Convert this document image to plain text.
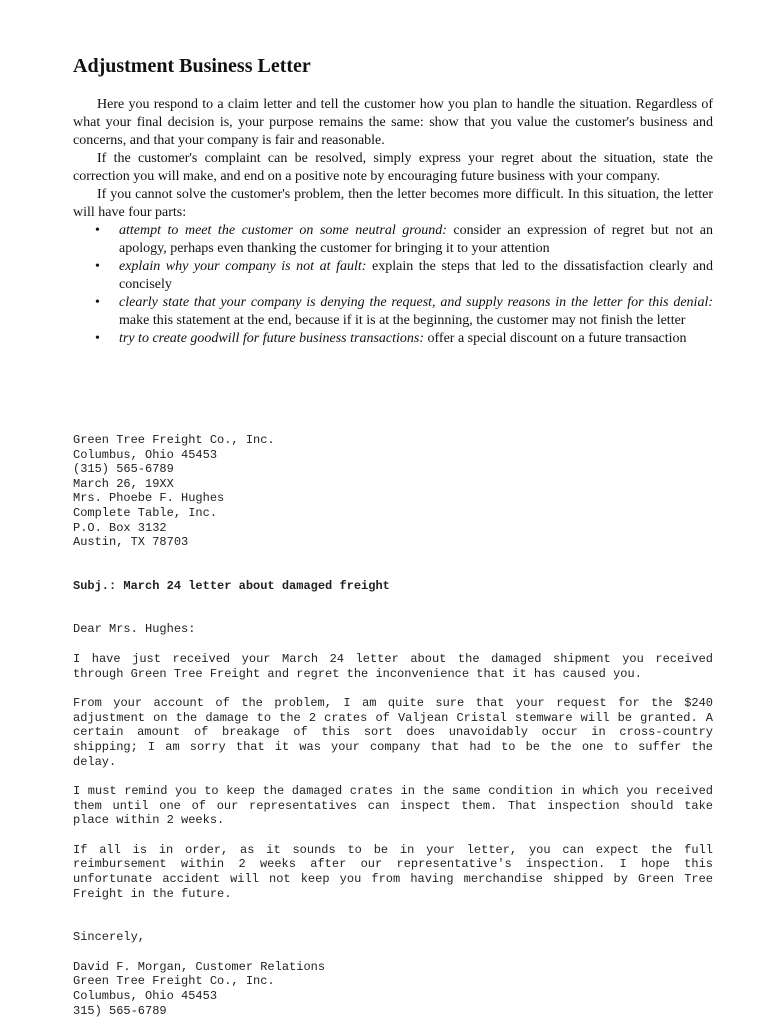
Adjustment Business Letter

Here you respond to a claim letter and tell the customer how you plan to handle the situation. Regardless of what your final decision is, your purpose remains the same: show that you value the customer's business and concerns, and that your company is fair and reasonable.

If the customer's complaint can be resolved, simply express your regret about the situation, state the correction you will make, and end on a positive note by encouraging future business with your company.

If you cannot solve the customer's problem, then the letter becomes more difficult. In this situation, the letter will have four parts:

• attempt to meet the customer on some neutral ground: consider an expression of regret but not an apology, perhaps even thanking the customer for bringing it to your attention
• explain why your company is not at fault: explain the steps that led to the dissatisfaction clearly and concisely
• clearly state that your company is denying the request, and supply reasons in the letter for this denial: make this statement at the end, because if it is at the beginning, the customer may not finish the letter
• try to create goodwill for future business transactions: offer a special discount on a future transaction
Green Tree Freight Co., Inc.
Columbus, Ohio 45453
(315) 565-6789
March 26, 19XX
Mrs. Phoebe F. Hughes
Complete Table, Inc.
P.O. Box 3132
Austin, TX 78703
Subj.: March 24 letter about damaged freight
Dear Mrs. Hughes:
I have just received your March 24 letter about the damaged shipment you received through Green Tree Freight and regret the inconvenience that it has caused you.
From your account of the problem, I am quite sure that your request for the $240 adjustment on the damage to the 2 crates of Valjean Cristal stemware will be granted. A certain amount of breakage of this sort does unavoidably occur in cross-country shipping; I am sorry that it was your company that had to be the one to suffer the delay.
I must remind you to keep the damaged crates in the same condition in which you received them until one of our representatives can inspect them. That inspection should take place within 2 weeks.
If all is in order, as it sounds to be in your letter, you can expect the full reimbursement within 2 weeks after our representative's inspection. I hope this unfortunate accident will not keep you from having merchandise shipped by Green Tree Freight in the future.
Sincerely,
David F. Morgan, Customer Relations
Green Tree Freight Co., Inc.
Columbus, Ohio 45453
315) 565-6789
